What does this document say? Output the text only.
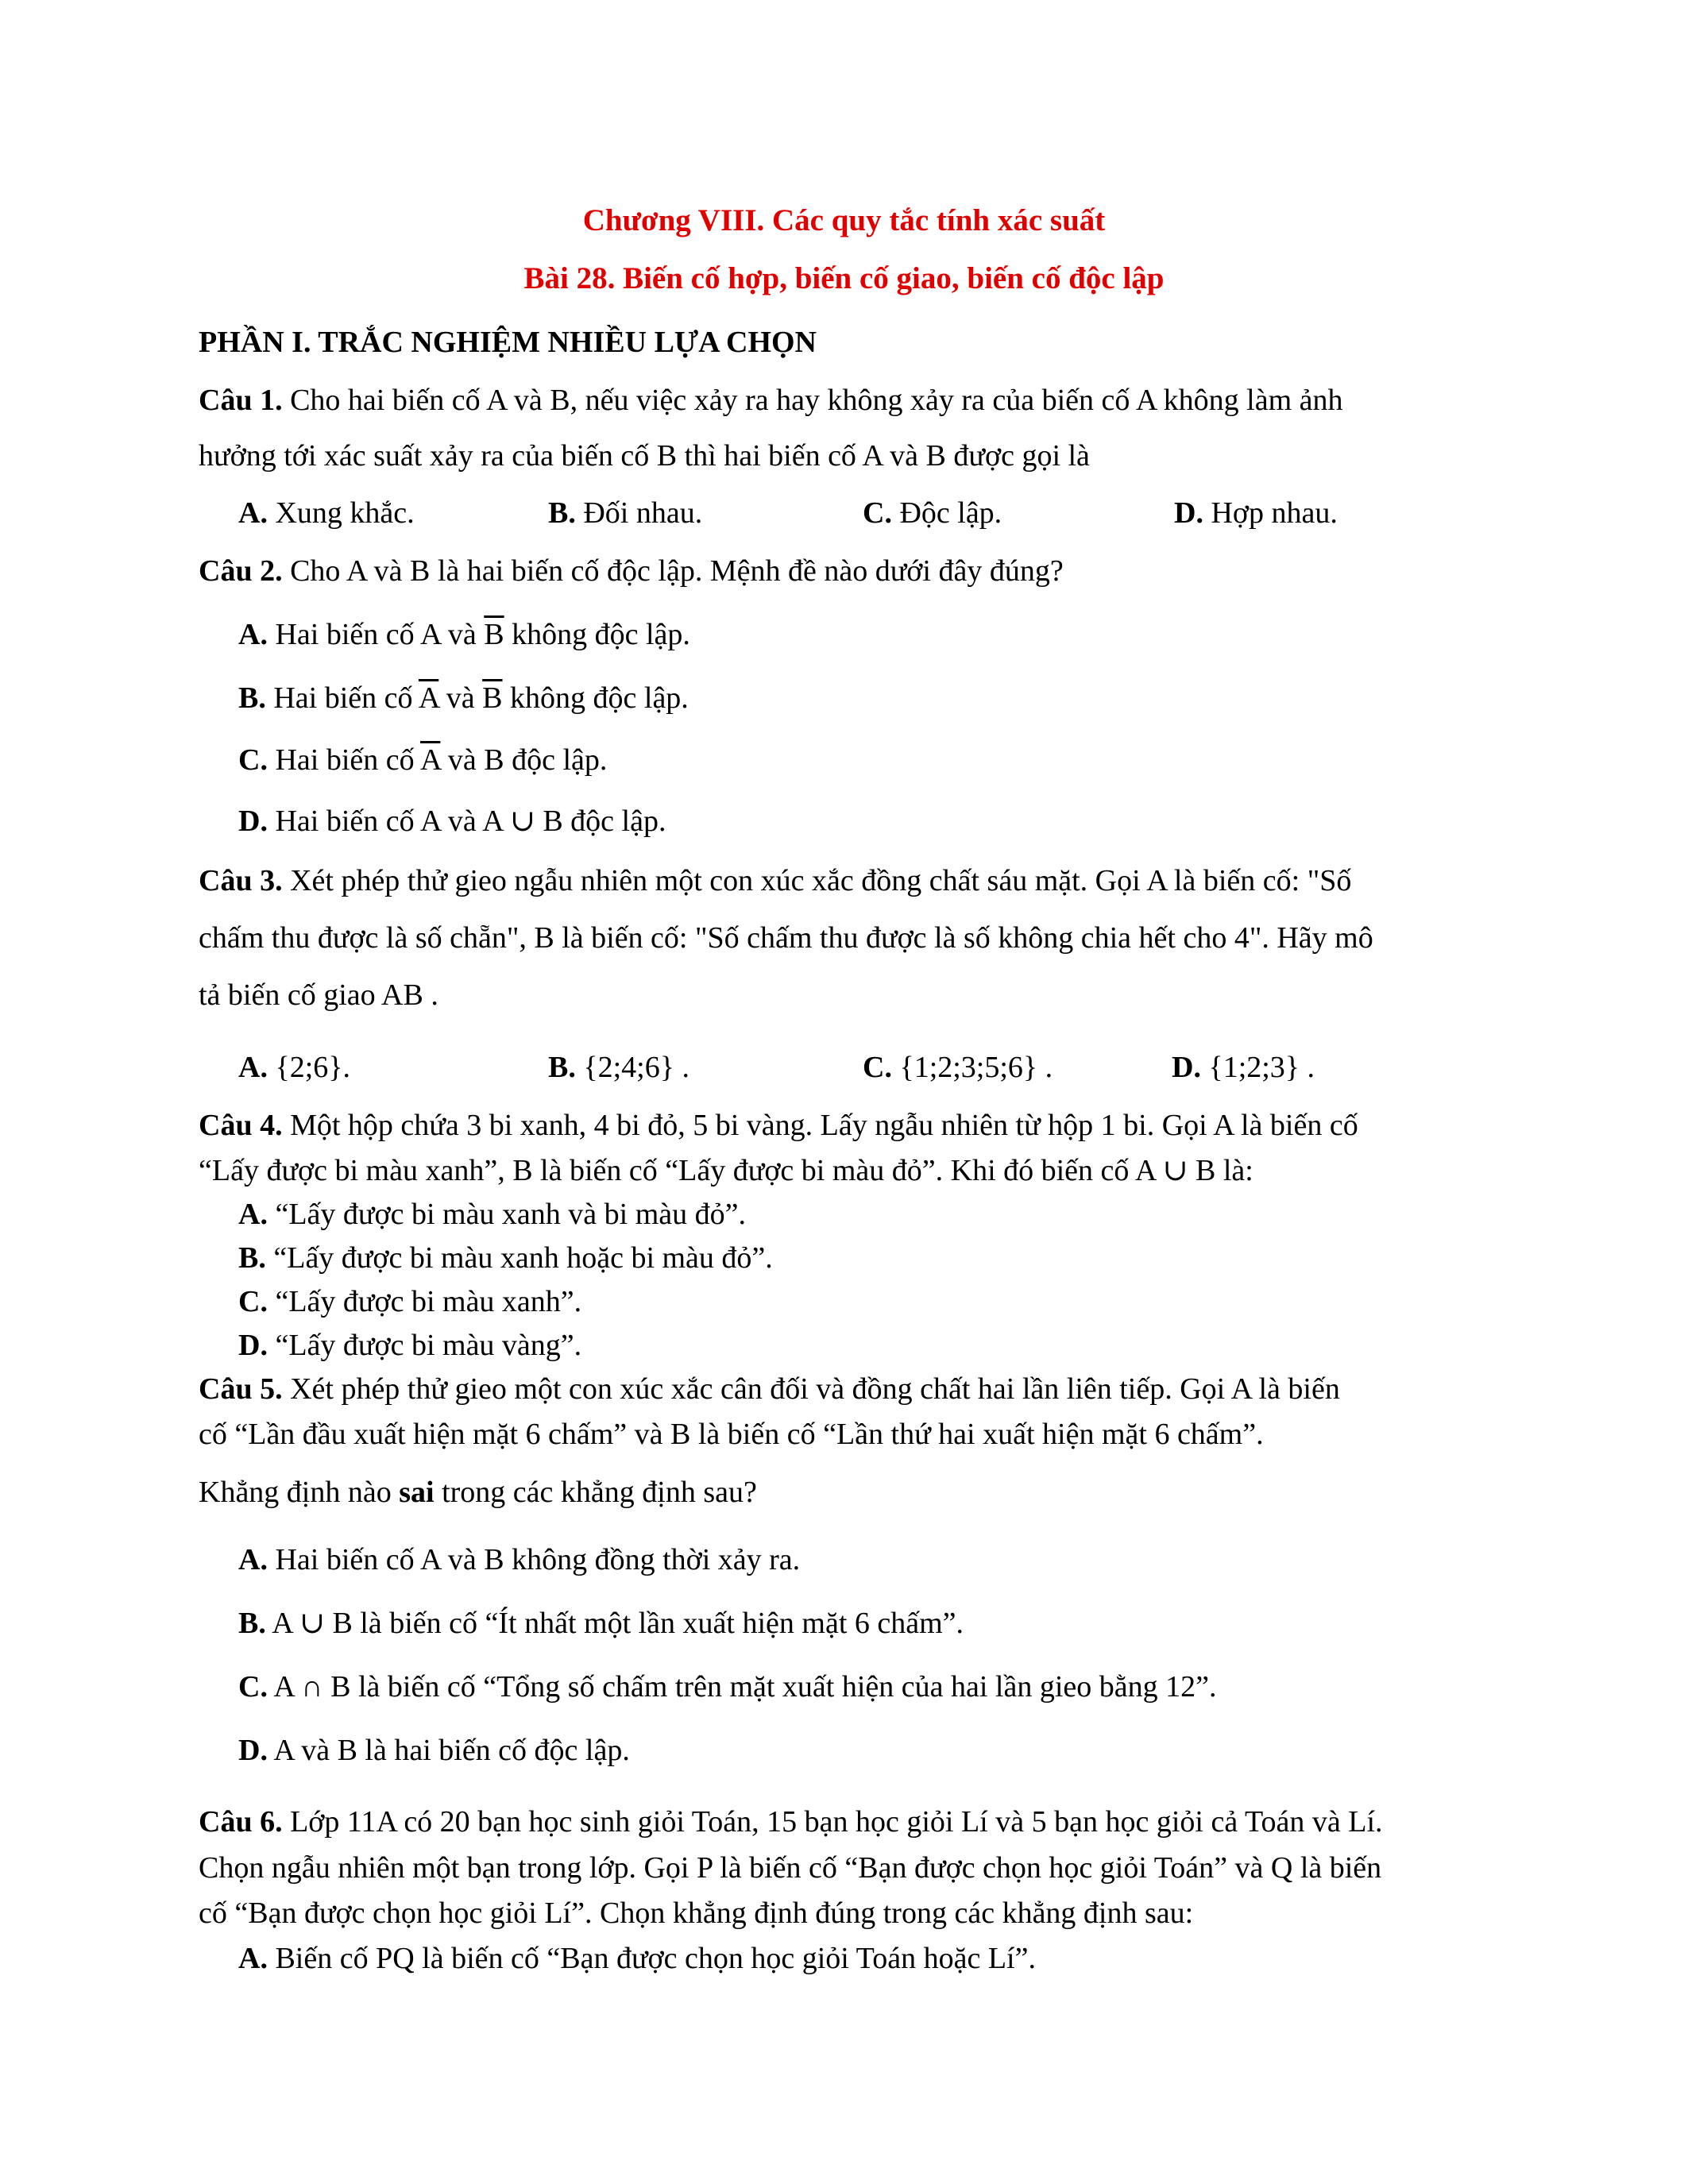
Chương VIII. Các quy tắc tính xác suất
Bài 28. Biến cố hợp, biến cố giao, biến cố độc lập
PHẦN I. TRẮC NGHIỆM NHIỀU LỰA CHỌN
Câu 1. Cho hai biến cố A và B, nếu việc xảy ra hay không xảy ra của biến cố A không làm ảnh
hưởng tới xác suất xảy ra của biến cố B thì hai biến cố A và B được gọi là
A. Xung khắc.	B. Đối nhau.	C. Độc lập.	D. Hợp nhau.
Câu 2. Cho A và B là hai biến cố độc lập. Mệnh đề nào dưới đây đúng?
A. Hai biến cố A và $\overline{B}$ không độc lập.
B. Hai biến cố $\overline{A}$ và $\overline{B}$ không độc lập.
C. Hai biến cố $\overline{A}$ và B độc lập.
D. Hai biến cố A và A ∪ B độc lập.
Câu 3. Xét phép thử gieo ngẫu nhiên một con xúc xắc đồng chất sáu mặt. Gọi A là biến cố: "Số
chấm thu được là số chẵn", B là biến cố: "Số chấm thu được là số không chia hết cho 4". Hãy mô
tả biến cố giao AB .
A. {2;6}.	B. {2;4;6} .	C. {1;2;3;5;6} .	D. {1;2;3} .
Câu 4. Một hộp chứa 3 bi xanh, 4 bi đỏ, 5 bi vàng. Lấy ngẫu nhiên từ hộp 1 bi. Gọi A là biến cố
“Lấy được bi màu xanh”, B là biến cố “Lấy được bi màu đỏ”. Khi đó biến cố A ∪ B là:
A. “Lấy được bi màu xanh và bi màu đỏ”.
B. “Lấy được bi màu xanh hoặc bi màu đỏ”.
C. “Lấy được bi màu xanh”.
D. “Lấy được bi màu vàng”.
Câu 5. Xét phép thử gieo một con xúc xắc cân đối và đồng chất hai lần liên tiếp. Gọi A là biến
cố “Lần đầu xuất hiện mặt 6 chấm” và B là biến cố “Lần thứ hai xuất hiện mặt 6 chấm”.
Khẳng định nào sai trong các khẳng định sau?
A. Hai biến cố A và B không đồng thời xảy ra.
B. A ∪ B là biến cố “Ít nhất một lần xuất hiện mặt 6 chấm”.
C. A ∩ B là biến cố “Tổng số chấm trên mặt xuất hiện của hai lần gieo bằng 12”.
D. A và B là hai biến cố độc lập.
Câu 6. Lớp 11A có 20 bạn học sinh giỏi Toán, 15 bạn học giỏi Lí và 5 bạn học giỏi cả Toán và Lí.
Chọn ngẫu nhiên một bạn trong lớp. Gọi P là biến cố “Bạn được chọn học giỏi Toán” và Q là biến
cố “Bạn được chọn học giỏi Lí”. Chọn khẳng định đúng trong các khẳng định sau:
A. Biến cố PQ là biến cố “Bạn được chọn học giỏi Toán hoặc Lí”.
